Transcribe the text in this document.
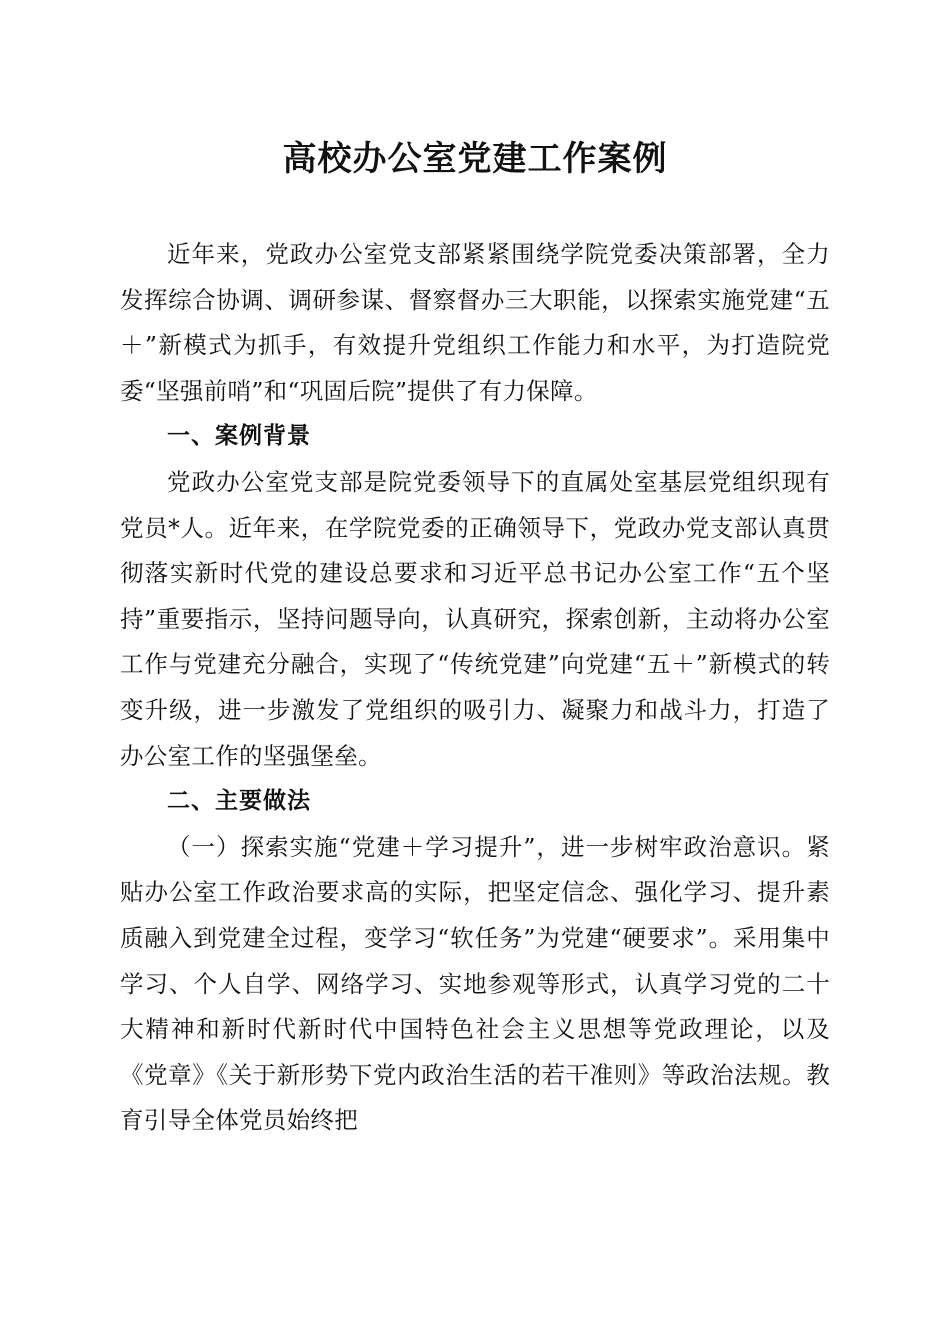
高校办公室党建工作案例

近年来，党政办公室党支部紧紧围绕学院党委决策部署，全力发挥综合协调、调研参谋、督察督办三大职能，以探索实施党建“五＋”新模式为抓手，有效提升党组织工作能力和水平，为打造院党委“坚强前哨”和“巩固后院”提供了有力保障。

一、案例背景

党政办公室党支部是院党委领导下的直属处室基层党组织现有党员*人。近年来，在学院党委的正确领导下，党政办党支部认真贯彻落实新时代党的建设总要求和习近平总书记办公室工作“五个坚持”重要指示，坚持问题导向，认真研究，探索创新，主动将办公室工作与党建充分融合，实现了“传统党建”向党建“五＋”新模式的转变升级，进一步激发了党组织的吸引力、凝聚力和战斗力，打造了办公室工作的坚强堡垒。

二、主要做法

（一）探索实施“党建＋学习提升”，进一步树牢政治意识。紧贴办公室工作政治要求高的实际，把坚定信念、强化学习、提升素质融入到党建全过程，变学习“软任务”为党建“硬要求”。采用集中学习、个人自学、网络学习、实地参观等形式，认真学习党的二十大精神和新时代新时代中国特色社会主义思想等党政理论，以及《党章》《关于新形势下党内政治生活的若干准则》等政治法规。教育引导全体党员始终把
